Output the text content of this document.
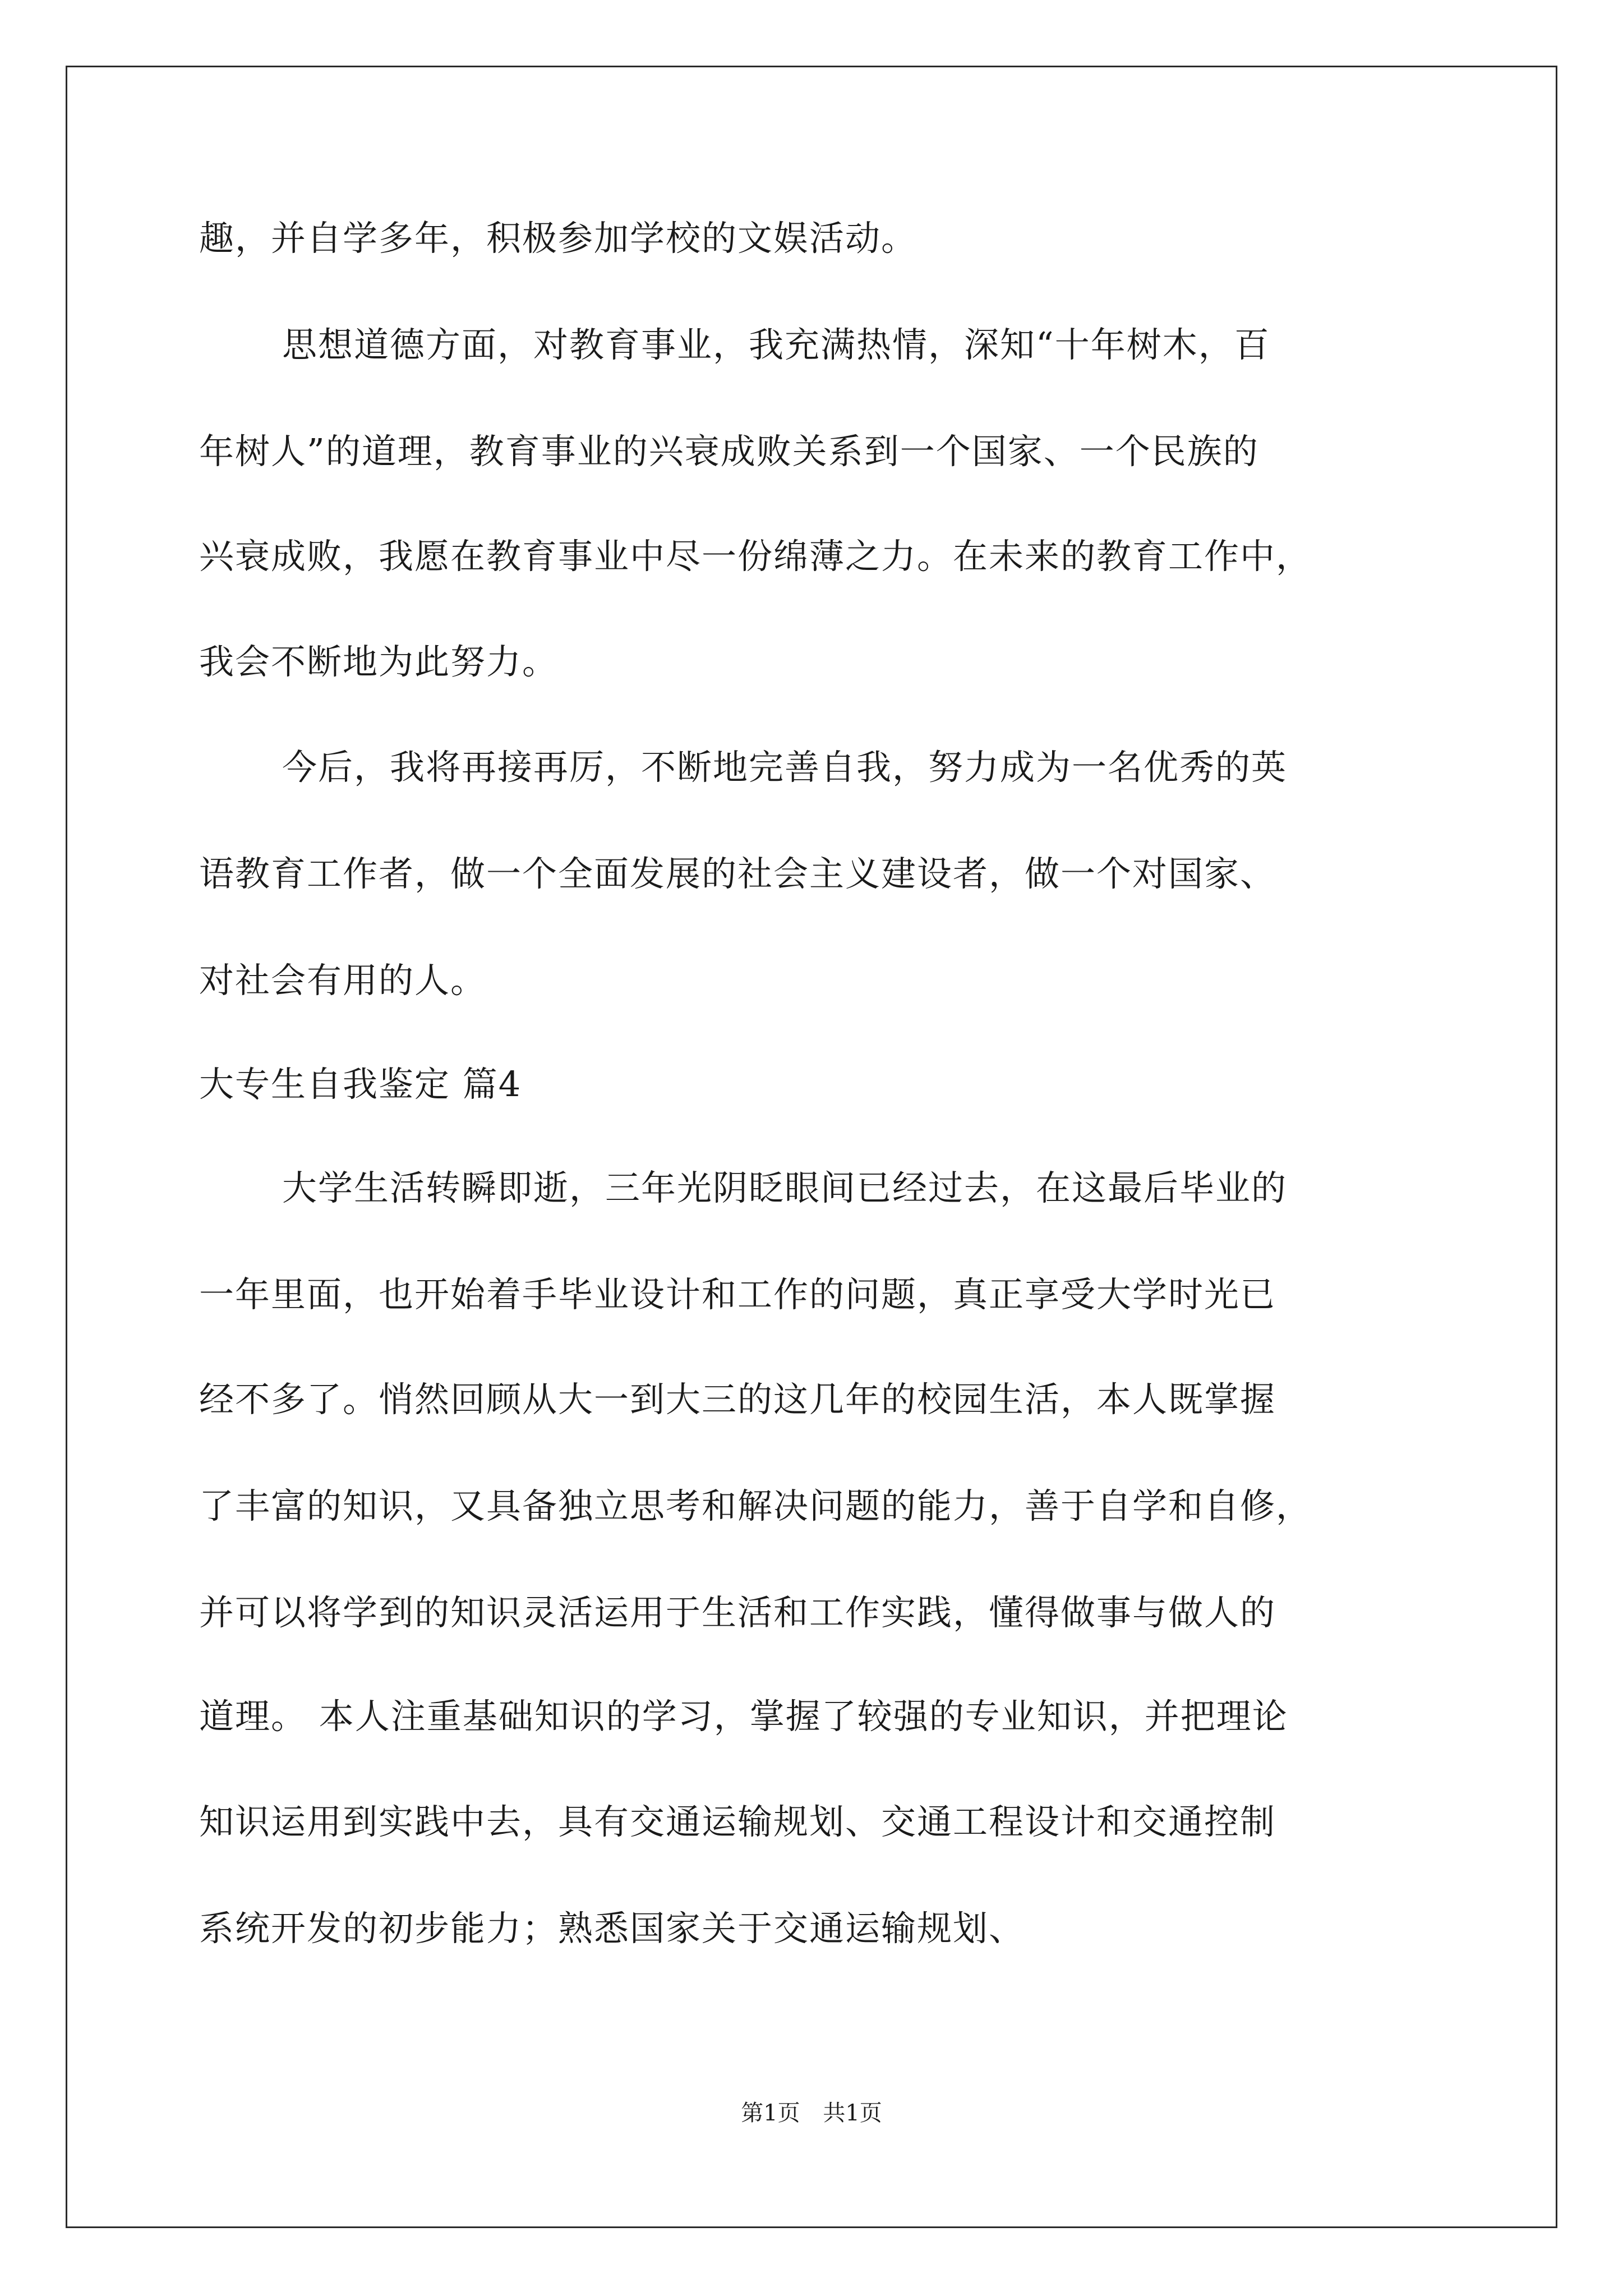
趣，并自学多年，积极参加学校的文娱活动。
思想道德方面，对教育事业，我充满热情，深知“十年树木，百
年树人”的道理，教育事业的兴衰成败关系到一个国家、一个民族的
兴衰成败，我愿在教育事业中尽一份绵薄之力。在未来的教育工作中，
我会不断地为此努力。
今后，我将再接再厉，不断地完善自我，努力成为一名优秀的英
语教育工作者，做一个全面发展的社会主义建设者，做一个对国家、
对社会有用的人。
大专生自我鉴定 篇4
大学生活转瞬即逝，三年光阴眨眼间已经过去，在这最后毕业的
一年里面，也开始着手毕业设计和工作的问题，真正享受大学时光已
经不多了。悄然回顾从大一到大三的这几年的校园生活，本人既掌握
了丰富的知识，又具备独立思考和解决问题的能力，善于自学和自修，
并可以将学到的知识灵活运用于生活和工作实践，懂得做事与做人的
道理。 本人注重基础知识的学习，掌握了较强的专业知识，并把理论
知识运用到实践中去，具有交通运输规划、交通工程设计和交通控制
系统开发的初步能力；熟悉国家关于交通运输规划、
第1页 共1页
